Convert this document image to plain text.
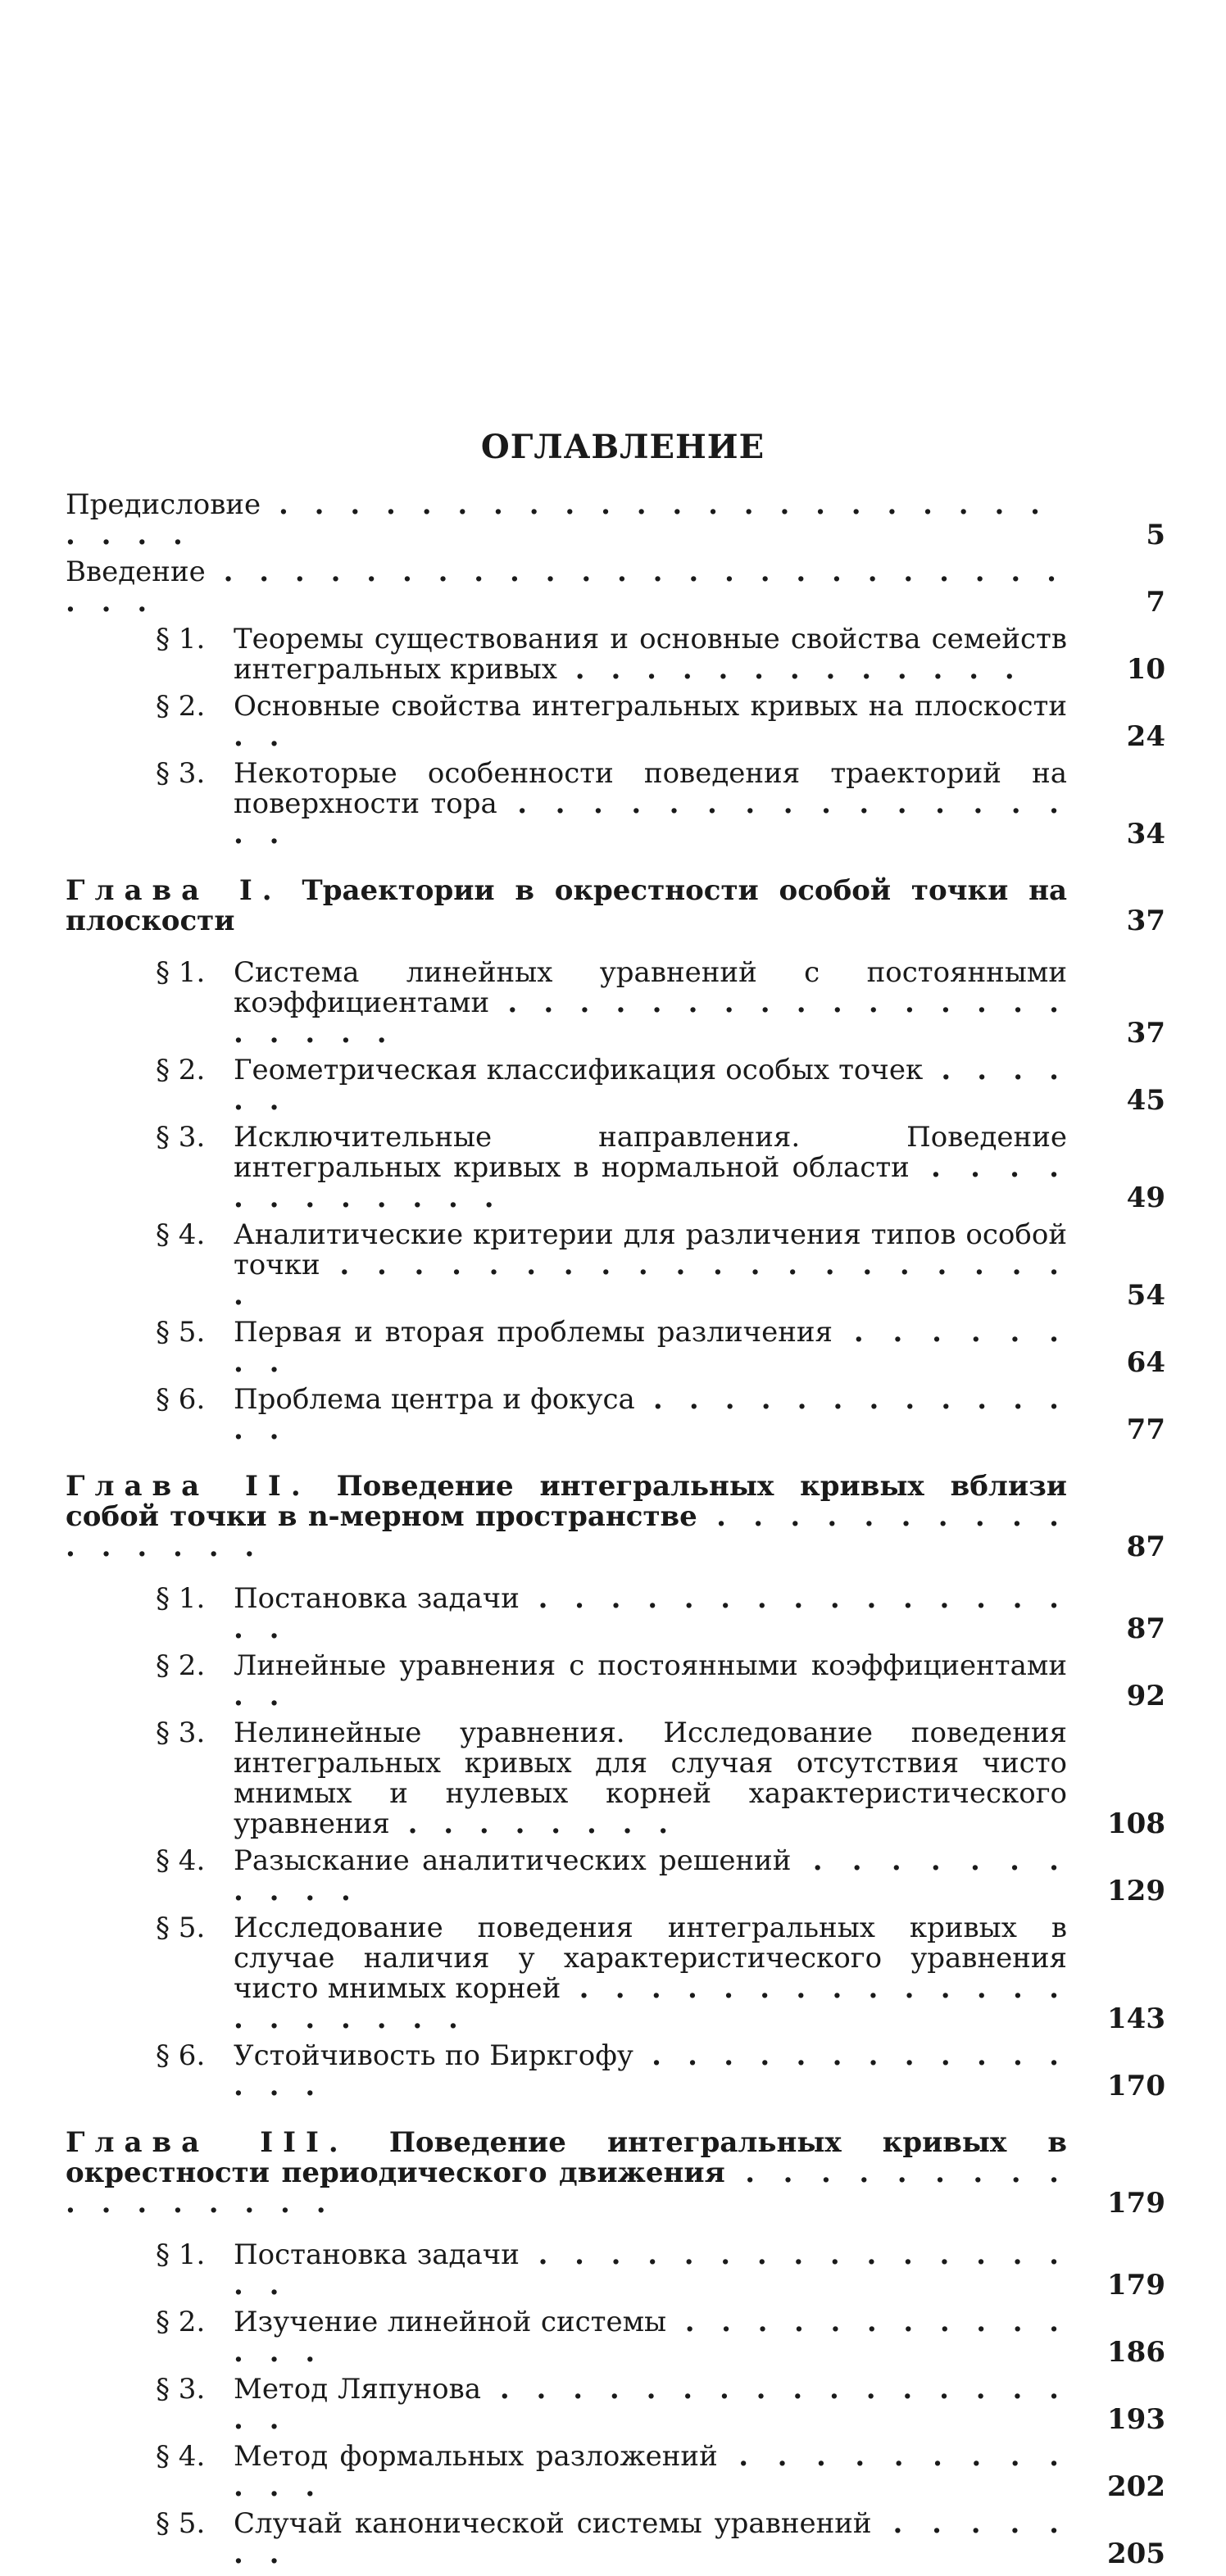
ОГЛАВЛЕНИЕ
Предисловие . . . . . . . . . . . . . . . . . . . . . . . . . .	5
Введение . . . . . . . . . . . . . . . . . . . . . . . . . . .	7
§ 1.	Теоремы существования и основные свойства семейств интегральных кривых . . . . . . . . . . . . .	10
§ 2.	Основные свойства интегральных кривых на плоскости . .	24
§ 3.	Некоторые особенности поведения траекторий на поверхности тора . . . . . . . . . . . . . . . . .	34
Глава I. Траектории в окрестности особой точки на плоскости	37
§ 1.	Система линейных уравнений с постоянными коэффициентами . . . . . . . . . . . . . . . . . . . . .	37
§ 2.	Геометрическая классификация особых точек . . . . . .	45
§ 3.	Исключительные направления. Поведение интегральных кривых в нормальной области . . . . . . . . . . . .	49
§ 4.	Аналитические критерии для различения типов особой точки . . . . . . . . . . . . . . . . . . . . .	54
§ 5.	Первая и вторая проблемы различения . . . . . . . .	64
§ 6.	Проблема центра и фокуса . . . . . . . . . . . . . .	77
Глава II. Поведение интегральных кривых вблизи собой точки в n-мерном пространстве . . . . . . . . . . . . . . . .	87
§ 1.	Постановка задачи . . . . . . . . . . . . . . . . .	87
§ 2.	Линейные уравнения с постоянными коэффициентами . .	92
§ 3.	Нелинейные уравнения. Исследование поведения интегральных кривых для случая отсутствия чисто мнимых и нулевых корней характеристического уравнения . . . . . . . .	108
§ 4.	Разыскание аналитических решений . . . . . . . . . . .	129
§ 5.	Исследование поведения интегральных кривых в случае наличия у характеристического уравнения чисто мнимых корней . . . . . . . . . . . . . . . . . . . . .	143
§ 6.	Устойчивость по Биркгофу . . . . . . . . . . . . . . .	170
Глава III. Поведение интегральных кривых в окрестности периодического движения . . . . . . . . . . . . . . . . .	179
§ 1.	Постановка задачи . . . . . . . . . . . . . . . . .	179
§ 2.	Изучение линейной системы . . . . . . . . . . . . . .	186
§ 3.	Метод Ляпунова . . . . . . . . . . . . . . . . . .	193
§ 4.	Метод формальных разложений . . . . . . . . . . . .	202
§ 5.	Случай канонической системы уравнений . . . . . . .	205
